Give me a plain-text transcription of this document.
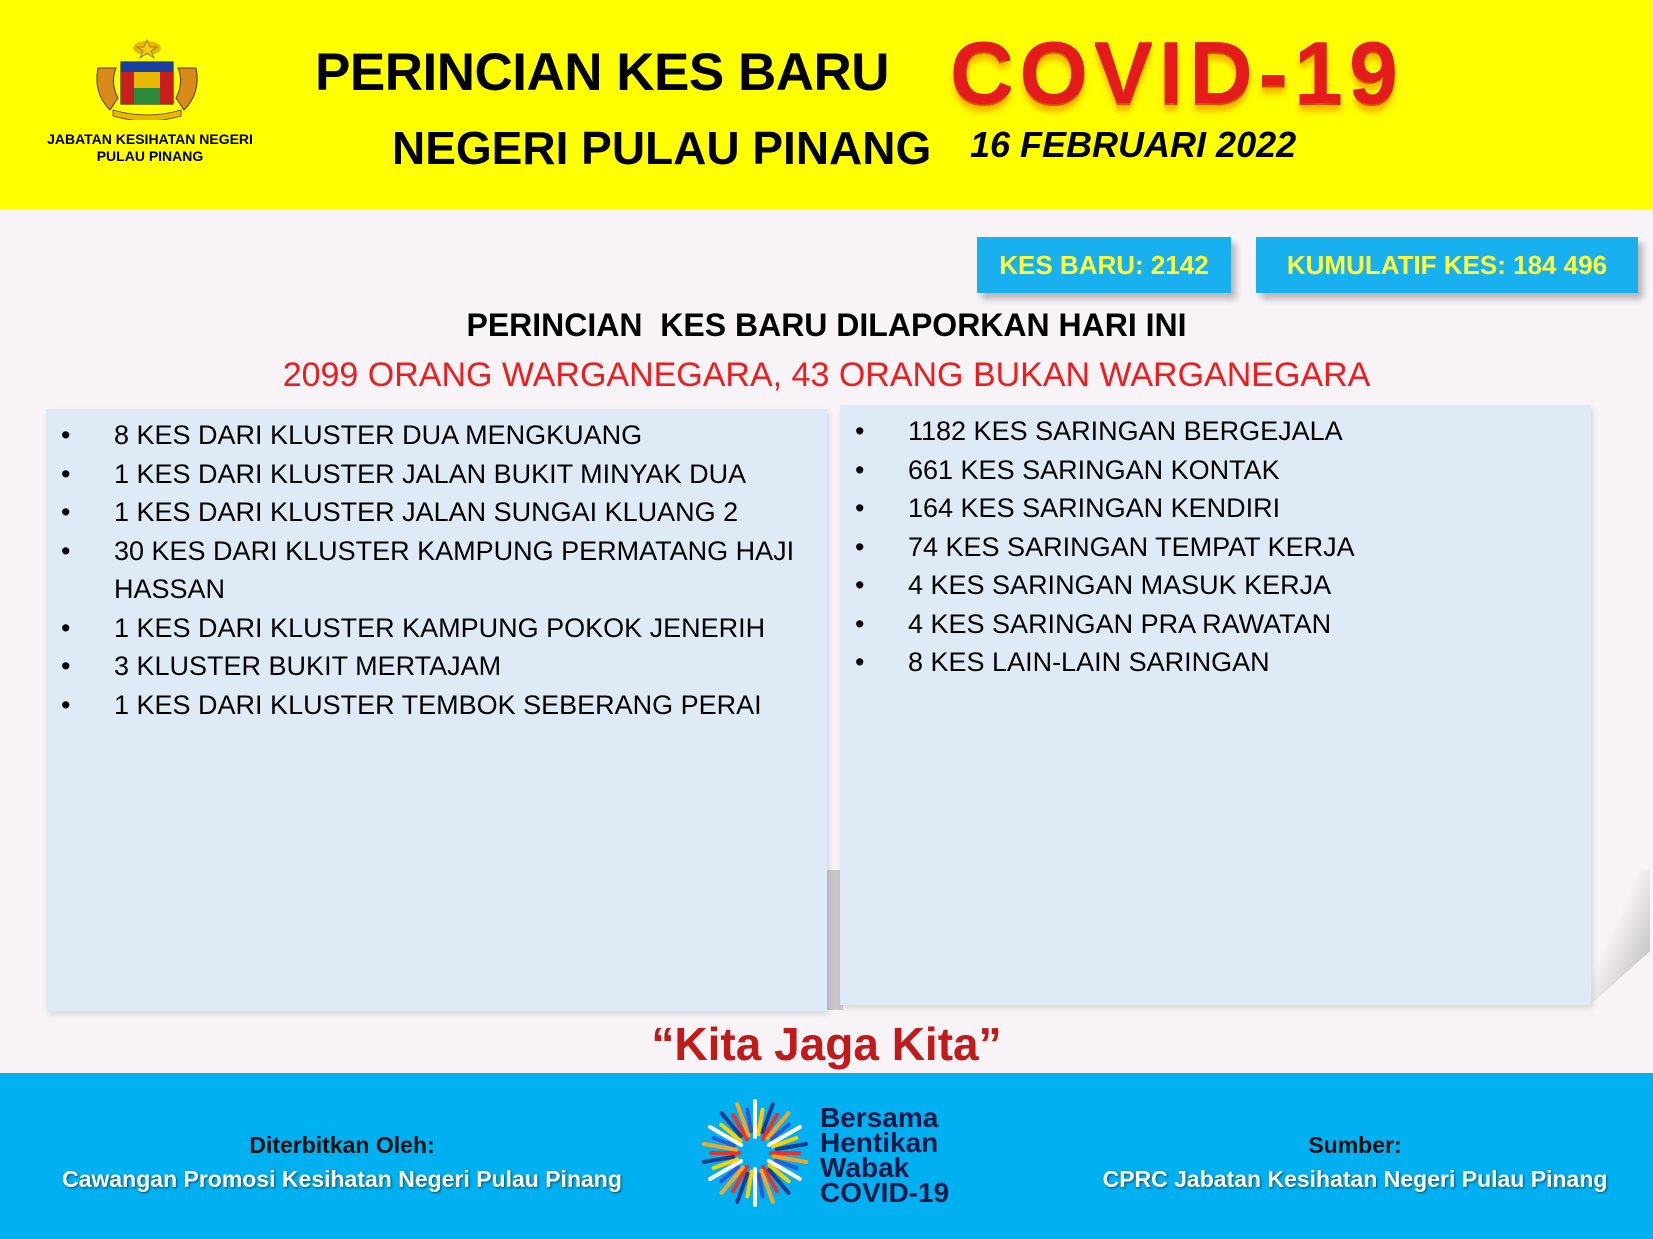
JABATAN KESIHATAN NEGERI
PULAU PINANG
PERINCIAN KES BARU COVID-19
NEGERI PULAU PINANG 16 FEBRUARI 2022
KES BARU: 2142	KUMULATIF KES: 184 496
PERINCIAN  KES BARU DILAPORKAN HARI INI
2099 ORANG WARGANEGARA, 43 ORANG BUKAN WARGANEGARA
• 8 KES DARI KLUSTER DUA MENGKUANG
• 1 KES DARI KLUSTER JALAN BUKIT MINYAK DUA
• 1 KES DARI KLUSTER JALAN SUNGAI KLUANG 2
• 30 KES DARI KLUSTER KAMPUNG PERMATANG HAJI HASSAN
• 1 KES DARI KLUSTER KAMPUNG POKOK JENERIH
• 3 KLUSTER BUKIT MERTAJAM
• 1 KES DARI KLUSTER TEMBOK SEBERANG PERAI
• 1182 KES SARINGAN BERGEJALA
• 661 KES SARINGAN KONTAK
• 164 KES SARINGAN KENDIRI
• 74 KES SARINGAN TEMPAT KERJA
• 4 KES SARINGAN MASUK KERJA
• 4 KES SARINGAN PRA RAWATAN
• 8 KES LAIN-LAIN SARINGAN
“Kita Jaga Kita”
Diterbitkan Oleh:
Cawangan Promosi Kesihatan Negeri Pulau Pinang
Bersama
Hentikan
Wabak
COVID-19
Sumber:
CPRC Jabatan Kesihatan Negeri Pulau Pinang
